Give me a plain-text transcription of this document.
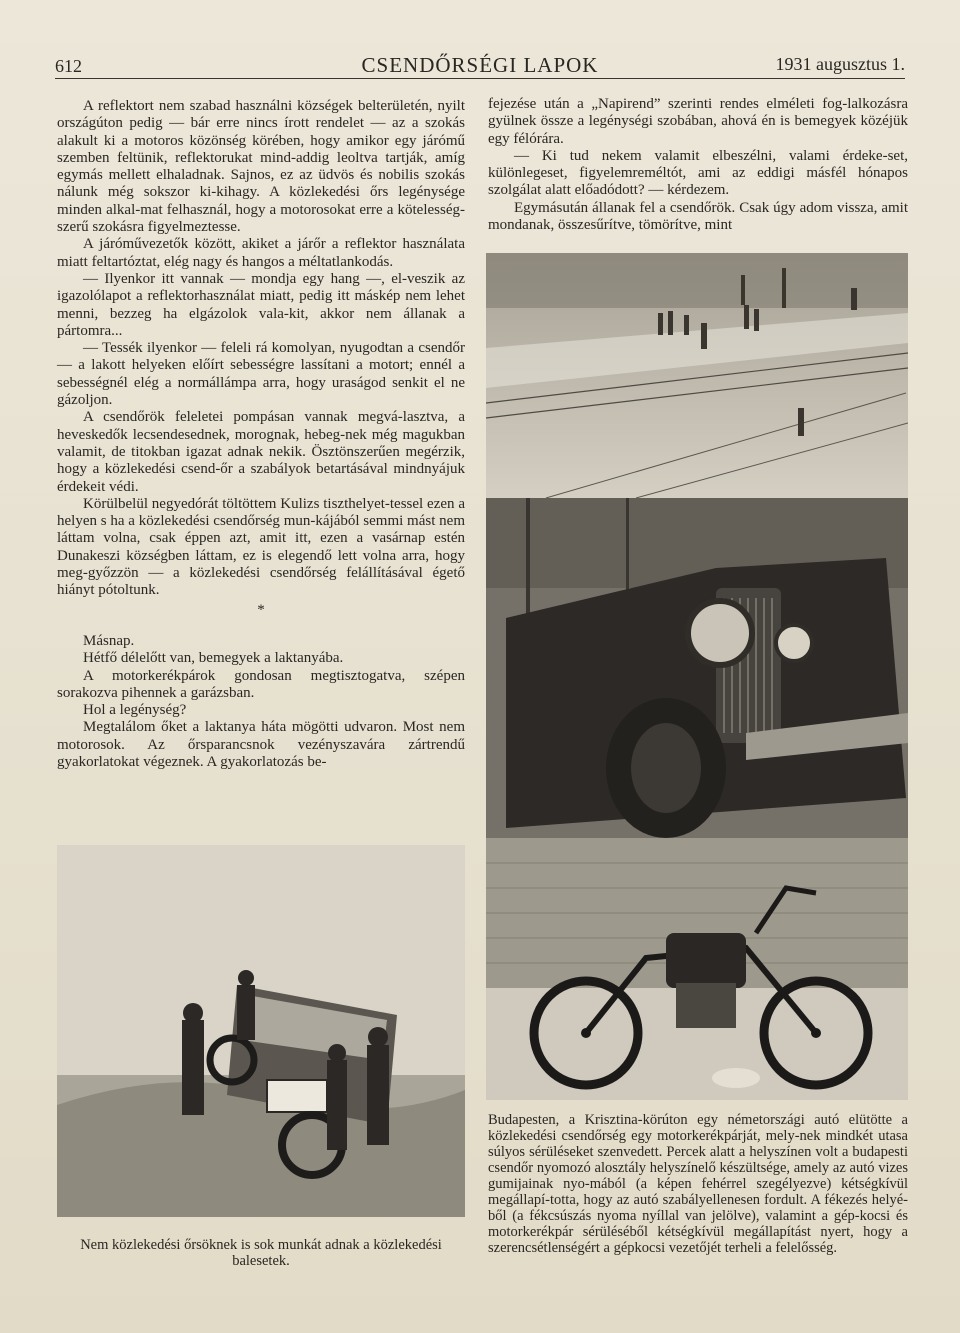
612	CSENDŐRSÉGI LAPOK	1931 augusztus 1.

A reflektort nem szabad használni községek belterületén, nyilt országúton pedig — bár erre nincs írott rendelet — az a szokás alakult ki a motoros közönség körében, hogy amikor egy járómű szemben feltünik, reflektorukat mind-addig leoltva tartják, amíg egymás mellett elhaladnak. Sajnos, ez az üdvös és nobilis szokás nálunk még sokszor ki-kihagy. A közlekedési őrs legénysége minden alkal-mat felhasznál, hogy a motorosokat erre a kötelesség-szerű szokásra figyelmeztesse.

A járóművezetők között, akiket a járőr a reflektor használata miatt feltartóztat, elég nagy és hangos a méltatlankodás.

— Ilyenkor itt vannak — mondja egy hang —, el-veszik az igazolólapot a reflektorhasználat miatt, pedig itt máskép nem lehet menni, bezzeg ha elgázolok vala-kit, akkor nem állanak a pártomra...

— Tessék ilyenkor — feleli rá komolyan, nyugodtan a csendőr — a lakott helyeken előírt sebességre lassítani a motort; ennél a sebességnél elég a normállámpa arra, hogy uraságod senkit el ne gázoljon.

A csendőrök feleletei pompásan vannak megvá-lasztva, a heveskedők lecsendesednek, morognak, hebeg-nek még magukban valamit, de titokban igazat adnak nekik. Ösztönszerűen megérzik, hogy a közlekedési csend-őr a szabályok betartásával mindnyájuk érdekeit védi.

Körülbelül negyedórát töltöttem Kulizs tiszthelyet-tessel ezen a helyen s ha a közlekedési csendőrség mun-kájából semmi mást nem láttam volna, csak éppen azt, amit itt, ezen a vasárnap estén Dunakeszi községben láttam, ez is elegendő lett volna arra, hogy meg-győzzön — a közlekedési csendőrség felállításával égető hiányt pótoltunk.

*

Másnap.

Hétfő délelőtt van, bemegyek a laktanyába.

A motorkerékpárok gondosan megtisztogatva, szépen sorakozva pihennek a garázsban.

Hol a legénység?

Megtalálom őket a laktanya háta mögötti udvaron. Most nem motorosok. Az őrsparancsnok vezényszavára zártrendű gyakorlatokat végeznek. A gyakorlatozás be-

fejezése után a „Napirend” szerinti rendes elméleti fog-lalkozásra gyülnek össze a legénységi szobában, ahová én is bemegyek közéjük egy félórára.

— Ki tud nekem valamit elbeszélni, valami érdeke-set, különlegeset, figyelemreméltót, ami az eddigi másfél hónapos szolgálat alatt előadódott? — kérdezem.

Egymásután állanak fel a csendőrök. Csak úgy adom vissza, amit mondanak, összesűrítve, tömörítve, mint

Nem közlekedési őrsöknek is sok munkát adnak a közlekedési balesetek.

Budapesten, a Krisztina-körúton egy németországi autó elütötte a közlekedési csendőrség egy motorkerékpárját, mely-nek mindkét utasa súlyos sérüléseket szenvedett. Percek alatt a helyszínen volt a budapesti csendőr nyomozó alosztály helyszínelő készültsége, amely az autó vizes gumijainak nyo-mából (a képen fehérrel szegélyezve) kétségkívül megállapí-totta, hogy az autó szabályellenesen fordult. A fékezés helyé-ből (a fékcsúszás nyoma nyíllal van jelölve), valamint a gép-kocsi és motorkerékpár sérüléséből kétségkívül megállapítást nyert, hogy a szerencsétlenségért a gépkocsi vezetőjét terheli a felelősség.
